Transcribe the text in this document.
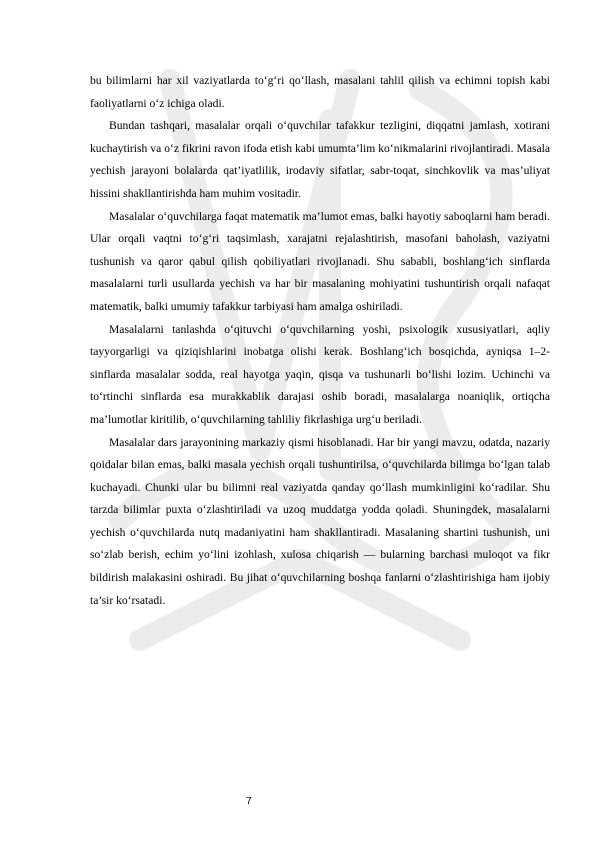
bu bilimlarni har xil vaziyatlarda to‘g‘ri qo‘llash, masalani tahlil qilish va echimni topish kabi faoliyatlarni o‘z ichiga oladi.

Bundan tashqari, masalalar orqali o‘quvchilar tafakkur tezligini, diqqatni jamlash, xotirani kuchaytirish va o‘z fikrini ravon ifoda etish kabi umumta’lim ko‘nikmalarini rivojlantiradi. Masala yechish jarayoni bolalarda qat’iyatlilik, irodaviy sifatlar, sabr-toqat, sinchkovlik va mas’uliyat hissini shakllantirishda ham muhim vositadir.

Masalalar o‘quvchilarga faqat matematik ma’lumot emas, balki hayotiy saboqlarni ham beradi. Ular orqali vaqtni to‘g‘ri taqsimlash, xarajatni rejalashtirish, masofani baholash, vaziyatni tushunish va qaror qabul qilish qobiliyatlari rivojlanadi. Shu sababli, boshlang‘ich sinflarda masalalarni turli usullarda yechish va har bir masalaning mohiyatini tushuntirish orqali nafaqat matematik, balki umumiy tafakkur tarbiyasi ham amalga oshiriladi.

Masalalarni tanlashda o‘qituvchi o‘quvchilarning yoshi, psixologik xususiyatlari, aqliy tayyorgarligi va qiziqishlarini inobatga olishi kerak. Boshlang‘ich bosqichda, ayniqsa 1–2-sinflarda masalalar sodda, real hayotga yaqin, qisqa va tushunarli bo‘lishi lozim. Uchinchi va to‘rtinchi sinflarda esa murakkablik darajasi oshib boradi, masalalarga noaniqlik, ortiqcha ma’lumotlar kiritilib, o‘quvchilarning tahliliy fikrlashiga urg‘u beriladi.

Masalalar dars jarayonining markaziy qismi hisoblanadi. Har bir yangi mavzu, odatda, nazariy qoidalar bilan emas, balki masala yechish orqali tushuntirilsa, o‘quvchilarda bilimga bo‘lgan talab kuchayadi. Chunki ular bu bilimni real vaziyatda qanday qo‘llash mumkinligini ko‘radilar. Shu tarzda bilimlar puxta o‘zlashtiriladi va uzoq muddatga yodda qoladi. Shuningdek, masalalarni yechish o‘quvchilarda nutq madaniyatini ham shakllantiradi. Masalaning shartini tushunish, uni so‘zlab berish, echim yo‘lini izohlash, xulosa chiqarish — bularning barchasi muloqot va fikr bildirish malakasini oshiradi. Bu jihat o‘quvchilarning boshqa fanlarni o‘zlashtirishiga ham ijobiy ta’sir ko‘rsatadi.

7
